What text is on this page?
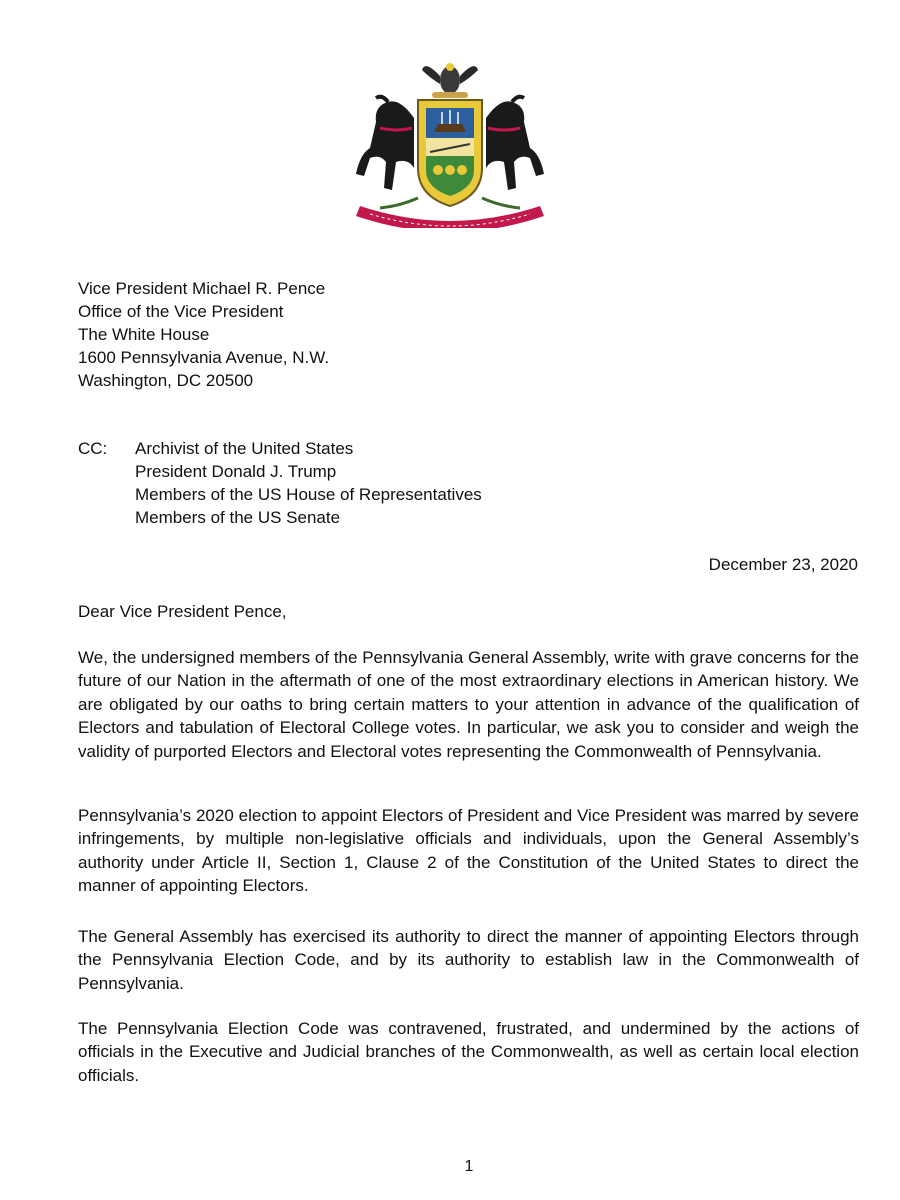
Vice President Michael R. Pence
Office of the Vice President
The White House
1600 Pennsylvania Avenue, N.W.
Washington, DC 20500
CC:	Archivist of the United States
President Donald J. Trump
Members of the US House of Representatives
Members of the US Senate
December 23, 2020
Dear Vice President Pence,

We, the undersigned members of the Pennsylvania General Assembly, write with grave concerns for the future of our Nation in the aftermath of one of the most extraordinary elections in American history. We are obligated by our oaths to bring certain matters to your attention in advance of the qualification of Electors and tabulation of Electoral College votes. In particular, we ask you to consider and weigh the validity of purported Electors and Electoral votes representing the Commonwealth of Pennsylvania.

Pennsylvania’s 2020 election to appoint Electors of President and Vice President was marred by severe infringements, by multiple non-legislative officials and individuals, upon the General Assembly’s authority under Article II, Section 1, Clause 2 of the Constitution of the United States to direct the manner of appointing Electors.

The General Assembly has exercised its authority to direct the manner of appointing Electors through the Pennsylvania Election Code, and by its authority to establish law in the Commonwealth of Pennsylvania.

The Pennsylvania Election Code was contravened, frustrated, and undermined by the actions of officials in the Executive and Judicial branches of the Commonwealth, as well as certain local election officials.

1
